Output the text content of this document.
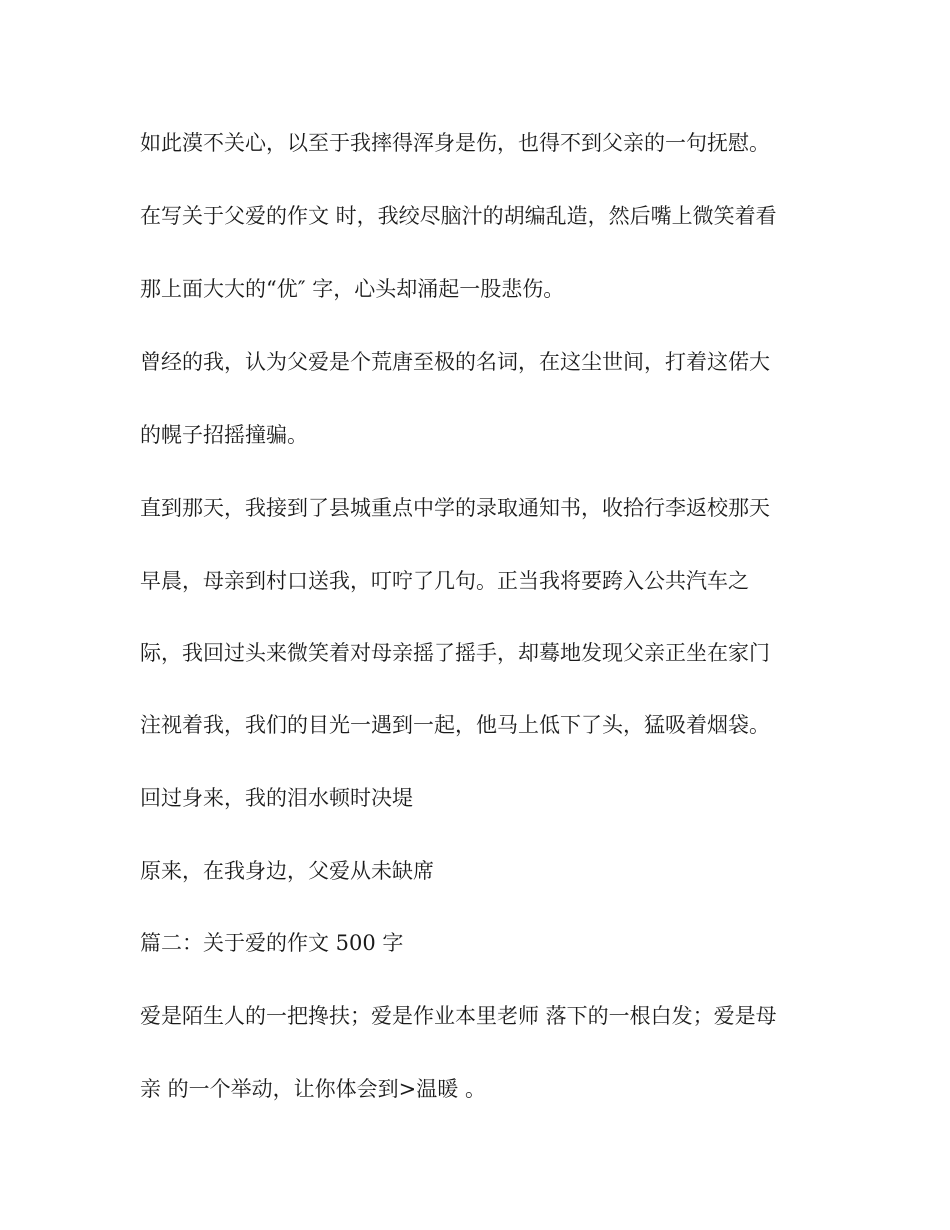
如此漠不关心，以至于我摔得浑身是伤，也得不到父亲的一句抚慰。

在写关于父爱的作文 时，我绞尽脑汁的胡编乱造，然后嘴上微笑着看

那上面大大的“优″ 字，心头却涌起一股悲伤。

曾经的我，认为父爱是个荒唐至极的名词，在这尘世间，打着这偌大

的幌子招摇撞骗。

直到那天，我接到了县城重点中学的录取通知书，收拾行李返校那天

早晨，母亲到村口送我，叮咛了几句。正当我将要跨入公共汽车之

际，我回过头来微笑着对母亲摇了摇手，却蓦地发现父亲正坐在家门

注视着我，我们的目光一遇到一起，他马上低下了头，猛吸着烟袋。

回过身来，我的泪水顿时决堤

原来，在我身边，父爱从未缺席

篇二：关于爱的作文 500 字

爱是陌生人的一把搀扶；爱是作业本里老师 落下的一根白发；爱是母

亲 的一个举动，让你体会到>温暖 。
